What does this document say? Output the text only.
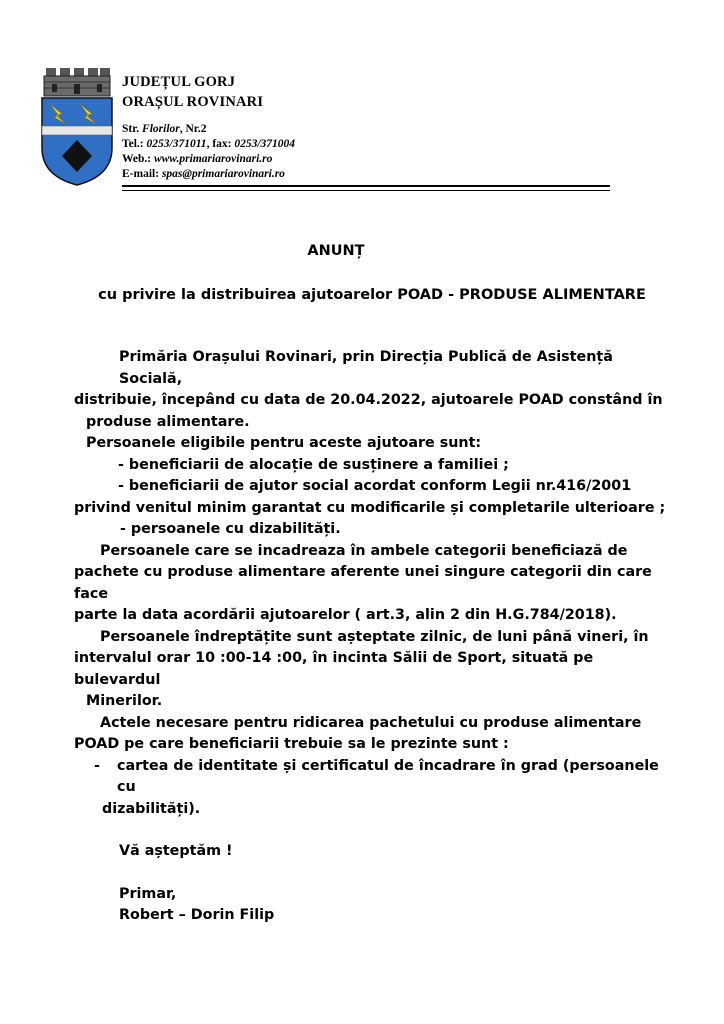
JUDEȚUL GORJ
ORAȘUL ROVINARI
Str. Florilor, Nr.2
Tel.: 0253/371011, fax: 0253/371004
Web.: www.primariarovinari.ro
E-mail: spas@primariarovinari.ro
ANUNȚ
cu privire la distribuirea ajutoarelor POAD - PRODUSE ALIMENTARE

Primăria Orașului Rovinari, prin Direcția Publică de Asistență Socială,

distribuie, începând cu data de 20.04.2022, ajutoarele POAD constând în

produse alimentare.

Persoanele eligibile pentru aceste ajutoare sunt:

- beneficiarii de alocație de susținere a familiei ;

- beneficiarii de ajutor social acordat conform Legii nr.416/2001

privind venitul minim garantat cu modificarile și completarile ulterioare ;

- persoanele cu dizabilități.

Persoanele care se incadreaza în ambele categorii beneficiază de

pachete cu produse alimentare aferente unei singure categorii din care face

parte la data acordării ajutoarelor ( art.3, alin 2 din H.G.784/2018).

Persoanele îndreptățite sunt așteptate zilnic, de luni până vineri, în

intervalul orar 10 :00-14 :00, în incinta Sălii de Sport, situată pe bulevardul

Minerilor.

Actele necesare pentru ridicarea pachetului cu produse alimentare

POAD pe care beneficiarii trebuie sa le prezinte sunt :

-	cartea de identitate și certificatul de încadrare în grad (persoanele cu

dizabilități).

Vă așteptăm !

Primar,

Robert – Dorin Filip
